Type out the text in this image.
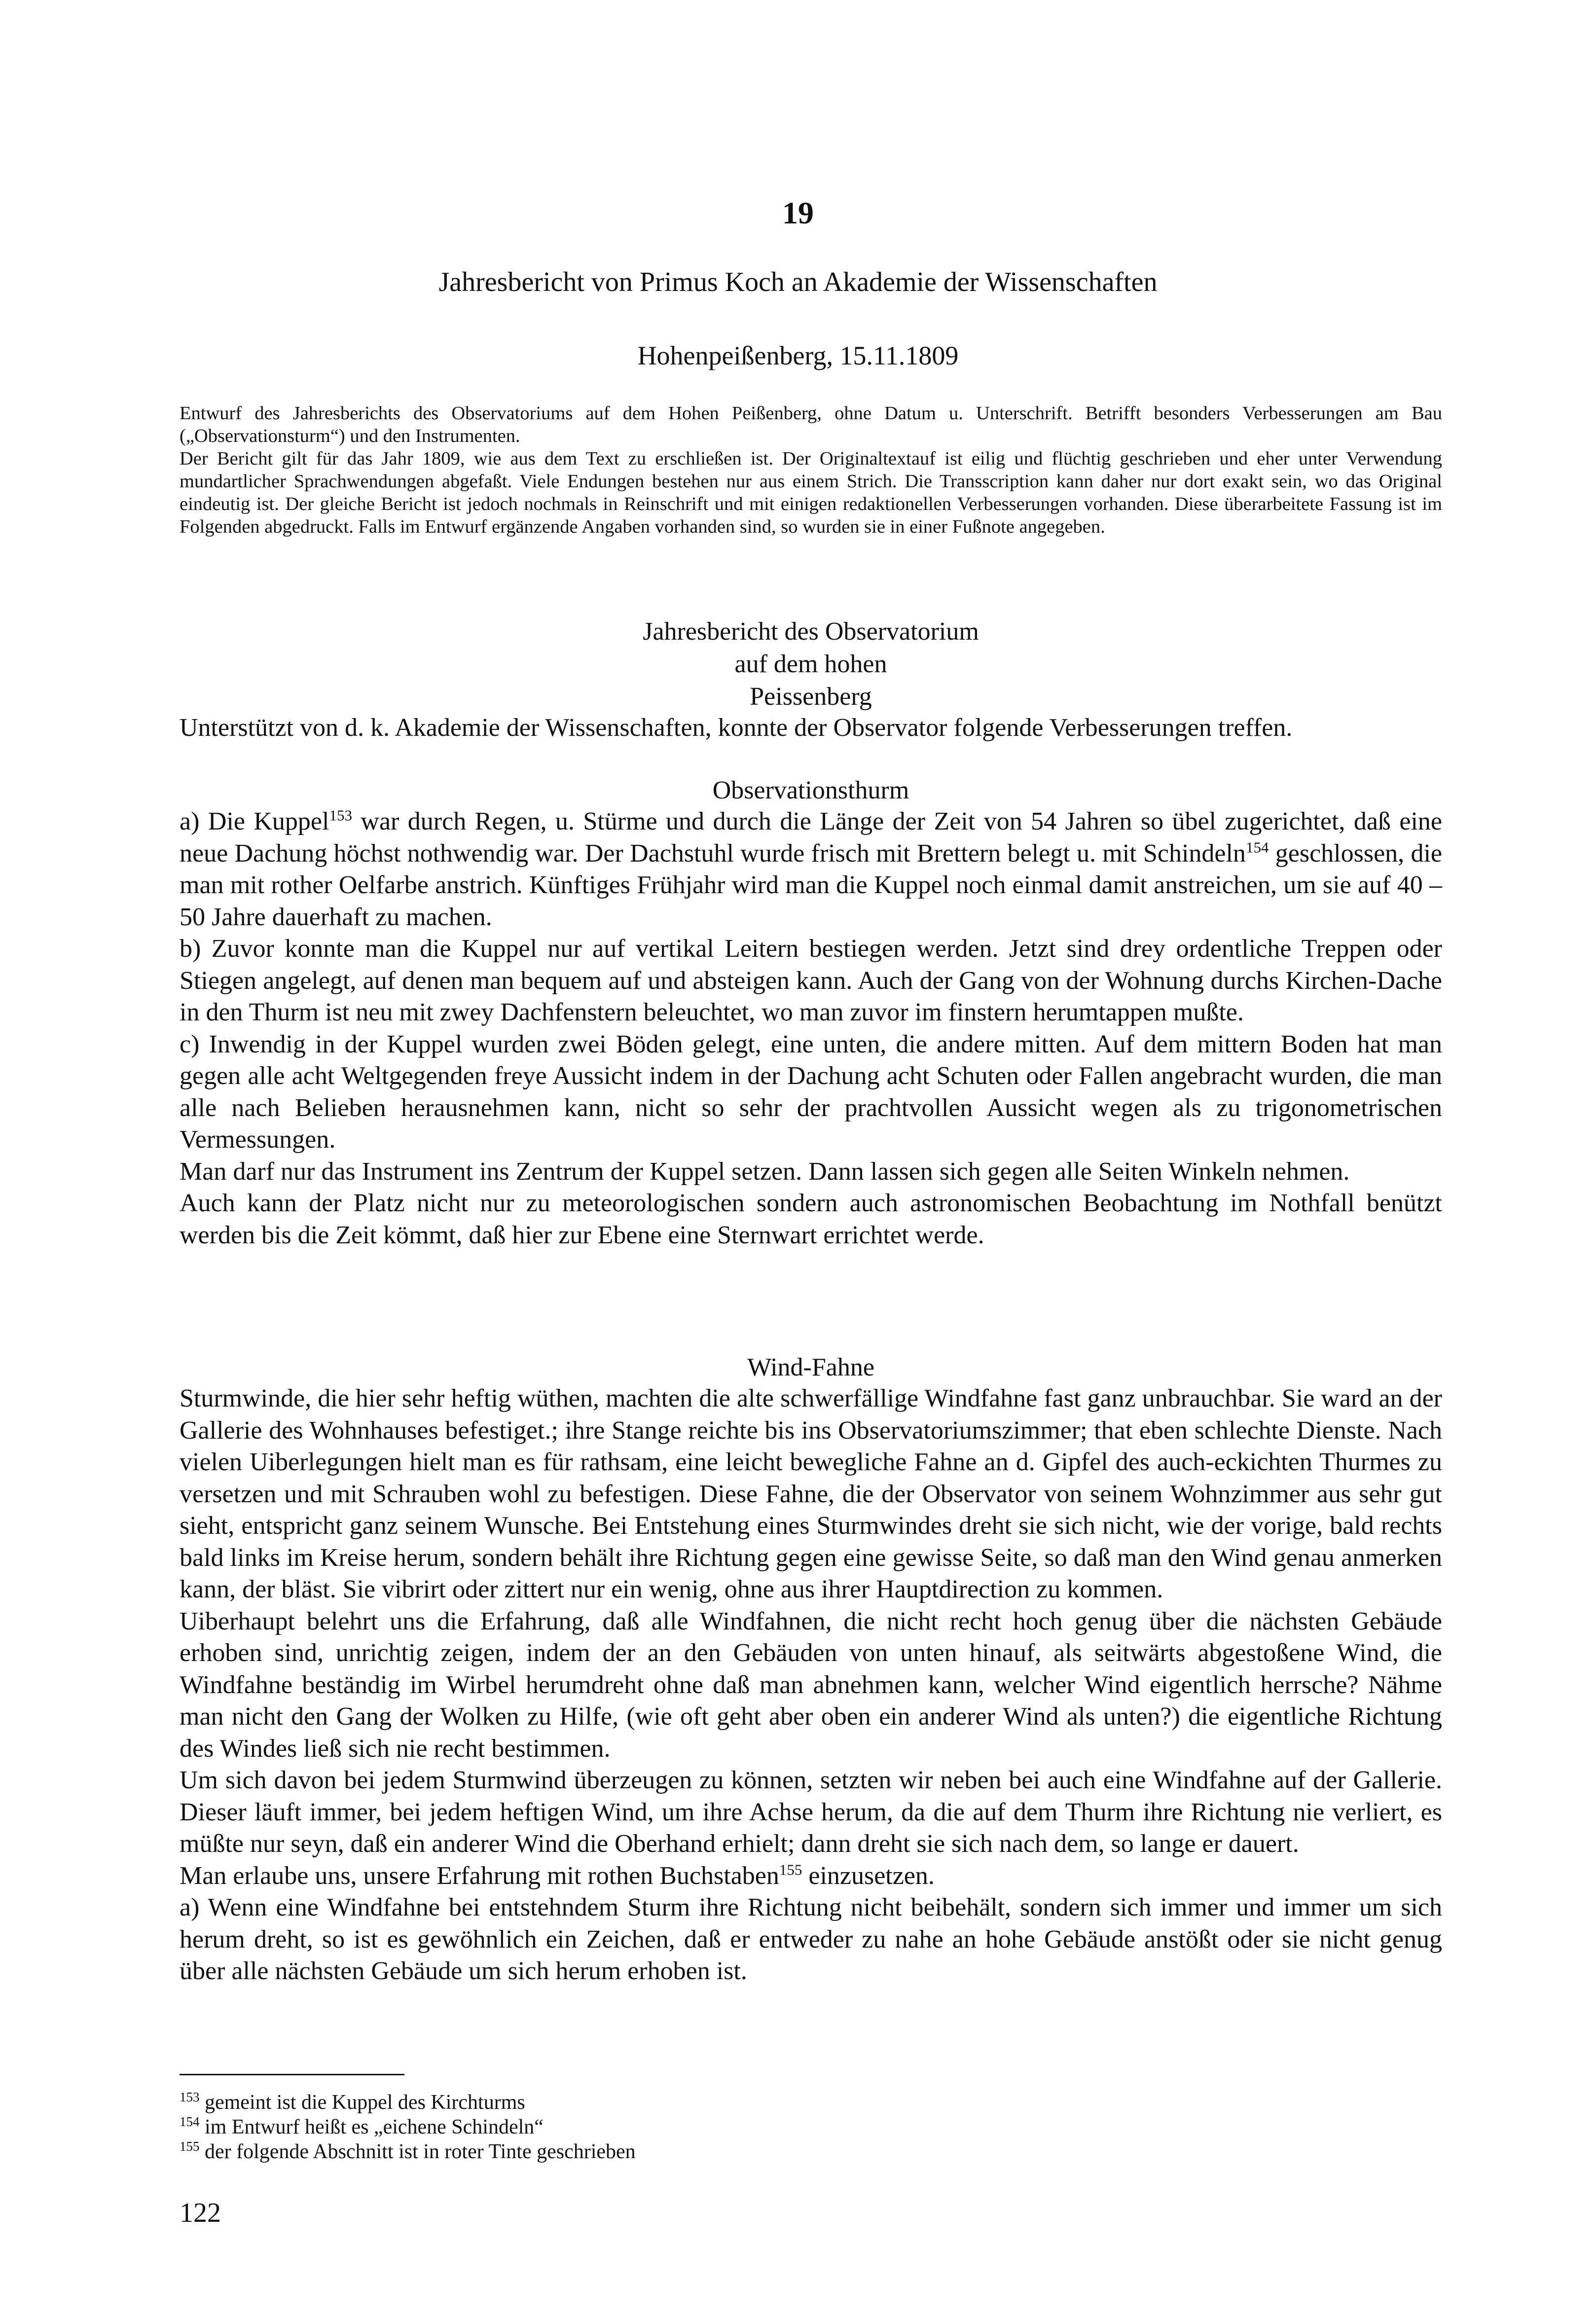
19
Jahresbericht von Primus Koch an Akademie der Wissenschaften
Hohenpeißenberg, 15.11.1809

Entwurf des Jahresberichts des Observatoriums auf dem Hohen Peißenberg, ohne Datum u. Unterschrift. Betrifft besonders Verbesserungen am Bau („Observationsturm“) und den Instrumenten.

Der Bericht gilt für das Jahr 1809, wie aus dem Text zu erschließen ist. Der Originaltextauf ist eilig und flüchtig geschrieben und eher unter Verwendung mundartlicher Sprachwendungen abgefaßt. Viele Endungen bestehen nur aus einem Strich. Die Transscription kann daher nur dort exakt sein, wo das Original eindeutig ist. Der gleiche Bericht ist jedoch nochmals in Reinschrift und mit einigen redaktionellen Verbesserungen vorhanden. Diese überarbeitete Fassung ist im Folgenden abgedruckt. Falls im Entwurf ergänzende Angaben vorhanden sind, so wurden sie in einer Fußnote angegeben.

Jahresbericht des Observatorium
auf dem hohen
Peissenberg
Unterstützt von d. k. Akademie der Wissenschaften, konnte der Observator folgende Verbesserungen treffen.
Observationsthurm

a) Die Kuppel$^{153}$ war durch Regen, u. Stürme und durch die Länge der Zeit von 54 Jahren so übel zugerichtet, daß eine neue Dachung höchst nothwendig war. Der Dachstuhl wurde frisch mit Brettern belegt u. mit Schindeln$^{154}$ geschlossen, die man mit rother Oelfarbe anstrich. Künftiges Frühjahr wird man die Kuppel noch einmal damit anstreichen, um sie auf 40 – 50 Jahre dauerhaft zu machen.

b) Zuvor konnte man die Kuppel nur auf vertikal Leitern bestiegen werden. Jetzt sind drey ordentliche Treppen oder Stiegen angelegt, auf denen man bequem auf und absteigen kann. Auch der Gang von der Wohnung durchs Kirchen-Dache in den Thurm ist neu mit zwey Dachfenstern beleuchtet, wo man zuvor im finstern herumtappen mußte.

c) Inwendig in der Kuppel wurden zwei Böden gelegt, eine unten, die andere mitten. Auf dem mittern Boden hat man gegen alle acht Weltgegenden freye Aussicht indem in der Dachung acht Schuten oder Fallen angebracht wurden, die man alle nach Belieben herausnehmen kann, nicht so sehr der prachtvollen Aussicht wegen als zu trigonometrischen Vermessungen.

Man darf nur das Instrument ins Zentrum der Kuppel setzen. Dann lassen sich gegen alle Seiten Winkeln nehmen.

Auch kann der Platz nicht nur zu meteorologischen sondern auch astronomischen Beobachtung im Nothfall benützt werden bis die Zeit kömmt, daß hier zur Ebene eine Sternwart errichtet werde.

Wind-Fahne

Sturmwinde, die hier sehr heftig wüthen, machten die alte schwerfällige Windfahne fast ganz unbrauchbar. Sie ward an der Gallerie des Wohnhauses befestiget.; ihre Stange reichte bis ins Observatoriumszimmer; that eben schlechte Dienste. Nach vielen Uiberlegungen hielt man es für rathsam, eine leicht bewegliche Fahne an d. Gipfel des auch-eckichten Thurmes zu versetzen und mit Schrauben wohl zu befestigen. Diese Fahne, die der Observator von seinem Wohnzimmer aus sehr gut sieht, entspricht ganz seinem Wunsche. Bei Entstehung eines Sturmwindes dreht sie sich nicht, wie der vorige, bald rechts bald links im Kreise herum, sondern behält ihre Richtung gegen eine gewisse Seite, so daß man den Wind genau anmerken kann, der bläst. Sie vibrirt oder zittert nur ein wenig, ohne aus ihrer Hauptdirection zu kommen.

Uiberhaupt belehrt uns die Erfahrung, daß alle Windfahnen, die nicht recht hoch genug über die nächsten Gebäude erhoben sind, unrichtig zeigen, indem der an den Gebäuden von unten hinauf, als seitwärts abgestoßene Wind, die Windfahne beständig im Wirbel herumdreht ohne daß man abnehmen kann, welcher Wind eigentlich herrsche? Nähme man nicht den Gang der Wolken zu Hilfe, (wie oft geht aber oben ein anderer Wind als unten?) die eigentliche Richtung des Windes ließ sich nie recht bestimmen.

Um sich davon bei jedem Sturmwind überzeugen zu können, setzten wir neben bei auch eine Windfahne auf der Gallerie. Dieser läuft immer, bei jedem heftigen Wind, um ihre Achse herum, da die auf dem Thurm ihre Richtung nie verliert, es müßte nur seyn, daß ein anderer Wind die Oberhand erhielt; dann dreht sie sich nach dem, so lange er dauert.

Man erlaube uns, unsere Erfahrung mit rothen Buchstaben$^{155}$ einzusetzen.

a) Wenn eine Windfahne bei entstehndem Sturm ihre Richtung nicht beibehält, sondern sich immer und immer um sich herum dreht, so ist es gewöhnlich ein Zeichen, daß er entweder zu nahe an hohe Gebäude anstößt oder sie nicht genug über alle nächsten Gebäude um sich herum erhoben ist.

$^{153}$ gemeint ist die Kuppel des Kirchturms
$^{154}$ im Entwurf heißt es „eichene Schindeln“
$^{155}$ der folgende Abschnitt ist in roter Tinte geschrieben
122
